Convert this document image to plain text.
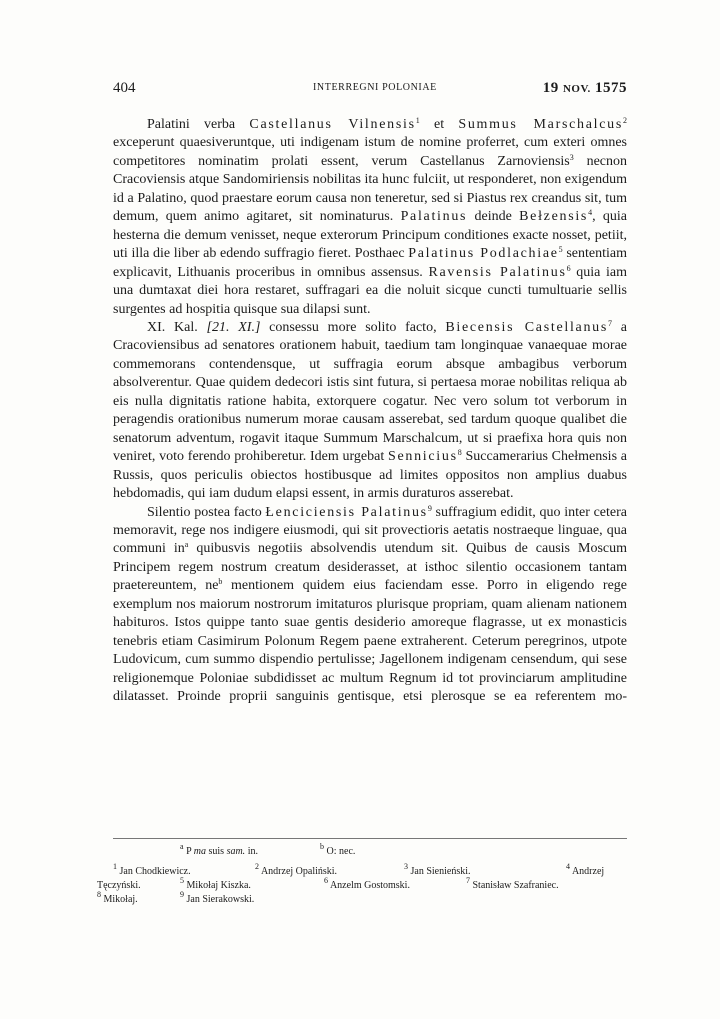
404	INTERREGNI POLONIAE	19 NOV. 1575

Palatini verba Castellanus Vilnensis$^1$ et Summus Marschalcus$^2$ exceperunt quaesiveruntque, uti indigenam istum de nomine proferret, cum exteri omnes competitores nominatim prolati essent, verum Castellanus Zarnoviensis$^3$ necnon Cracoviensis atque Sandomiriensis nobilitas ita hunc fulciit, ut responderet, non exigendum id a Palatino, quod praestare eorum causa non teneretur, sed si Piastus rex creandus sit, tum demum, quem animo agitaret, sit nominaturus. Palatinus deinde Bełzensis$^4$, quia hesterna die demum venisset, neque exterorum Principum conditiones exacte nosset, petiit, uti illa die liber ab edendo suffragio fieret. Posthaec Palatinus Podlachiae$^5$ sententiam explicavit, Lithuanis proceribus in omnibus assensus. Ravensis Palatinus$^6$ quia iam una dumtaxat diei hora restaret, suffragari ea die noluit sicque cuncti tumultuarie sellis surgentes ad hospitia quisque sua dilapsi sunt.

XI. Kal. [21. XI.] consessu more solito facto, Biecensis Castellanus$^7$ a Cracoviensibus ad senatores orationem habuit, taedium tam longinquae vanaequae morae commemorans contendensque, ut suffragia eorum absque ambagibus verborum absolverentur. Quae quidem dedecori istis sint futura, si pertaesa morae nobilitas reliqua ab eis nulla dignitatis ratione habita, extorquere cogatur. Nec vero solum tot verborum in peragendis orationibus numerum morae causam asserebat, sed tardum quoque qualibet die senatorum adventum, rogavit itaque Summum Marschalcum, ut si praefixa hora quis non veniret, voto ferendo prohiberetur. Idem urgebat Sennicius$^8$ Succamerarius Chełmensis a Russis, quos periculis obiectos hostibusque ad limites oppositos non amplius duabus hebdomadis, qui iam dudum elapsi essent, in armis duraturos asserebat.

Silentio postea facto Łenciciensis Palatinus$^9$ suffragium edidit, quo inter cetera memoravit, rege nos indigere eiusmodi, qui sit provectioris aetatis nostraeque linguae, qua communi $in^a$ quibusvis negotiis absolvendis utendum sit. Quibus de causis Moscum Principem regem nostrum creatum desiderasset, at isthoc silentio occasionem tantam praetereuntem, $ne^b$ mentionem quidem eius faciendam esse. Porro in eligendo rege exemplum nos maiorum nostrorum imitaturos plurisque propriam, quam alienam nationem habituros. Istos quippe tanto suae gentis desiderio amoreque flagrasse, ut ex monasticis tenebris etiam Casimirum Polonum Regem paene extraherent. Ceterum peregrinos, utpote Ludovicum, cum summo dispendio pertulisse; Jagellonem indigenam censendum, qui sese religionemque Poloniae subdidisset ac multum Regnum id tot provinciarum amplitudine dilatasset. Proinde proprii sanguinis gentisque, etsi plerosque se ea referentem mo-

$^a$ P ma suis sam. in.	$^b$ O: nec.
$^1$ Jan Chodkiewicz.	$^2$ Andrzej Opaliński.	$^3$ Jan Sienieński.	$^4$ Andrzej
Tęczyński.	$^5$ Mikołaj Kiszka.	$^6$ Anzelm Gostomski.	$^7$ Stanisław Szafraniec.
$^8$ Mikołaj.	$^9$ Jan Sierakowski.
